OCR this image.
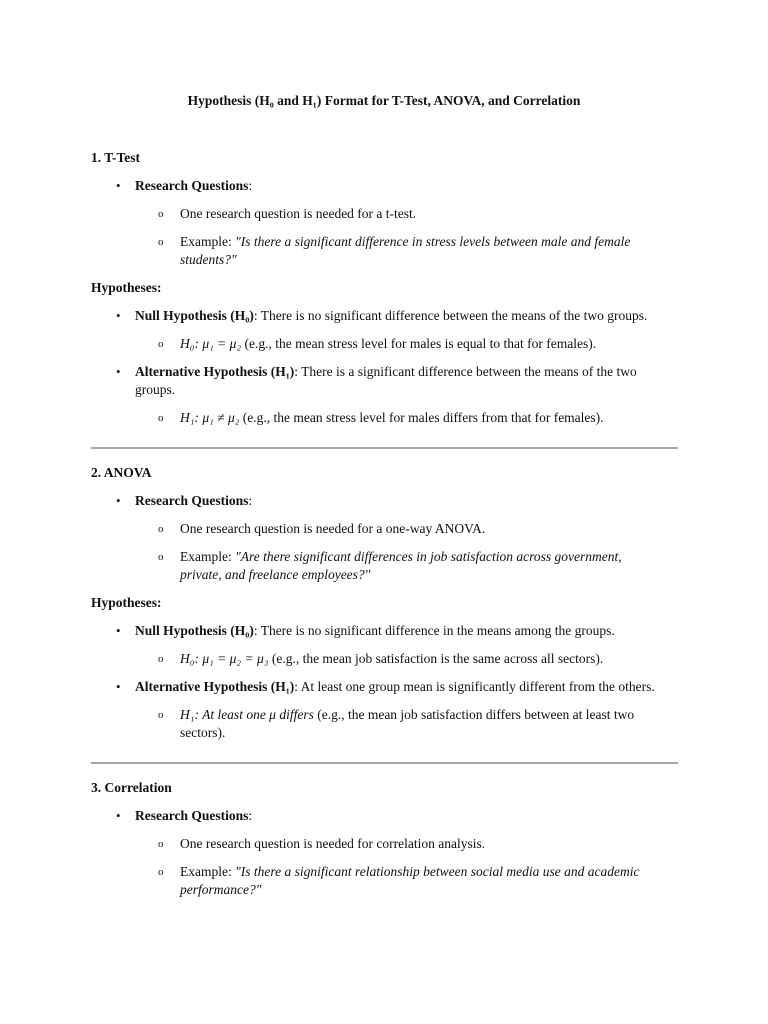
Hypothesis (H₀ and H₁) Format for T-Test, ANOVA, and Correlation
1. T-Test
• Research Questions:
o One research question is needed for a t-test.
o Example: "Is there a significant difference in stress levels between male and female students?"
Hypotheses:
• Null Hypothesis (H₀): There is no significant difference between the means of the two groups.
o H₀: μ₁ = μ₂ (e.g., the mean stress level for males is equal to that for females).
• Alternative Hypothesis (H₁): There is a significant difference between the means of the two groups.
o H₁: μ₁ ≠ μ₂ (e.g., the mean stress level for males differs from that for females).
2. ANOVA
• Research Questions:
o One research question is needed for a one-way ANOVA.
o Example: "Are there significant differences in job satisfaction across government, private, and freelance employees?"
Hypotheses:
• Null Hypothesis (H₀): There is no significant difference in the means among the groups.
o H₀: μ₁ = μ₂ = μ₃ (e.g., the mean job satisfaction is the same across all sectors).
• Alternative Hypothesis (H₁): At least one group mean is significantly different from the others.
o H₁: At least one μ differs (e.g., the mean job satisfaction differs between at least two sectors).
3. Correlation
• Research Questions:
o One research question is needed for correlation analysis.
o Example: "Is there a significant relationship between social media use and academic performance?"
